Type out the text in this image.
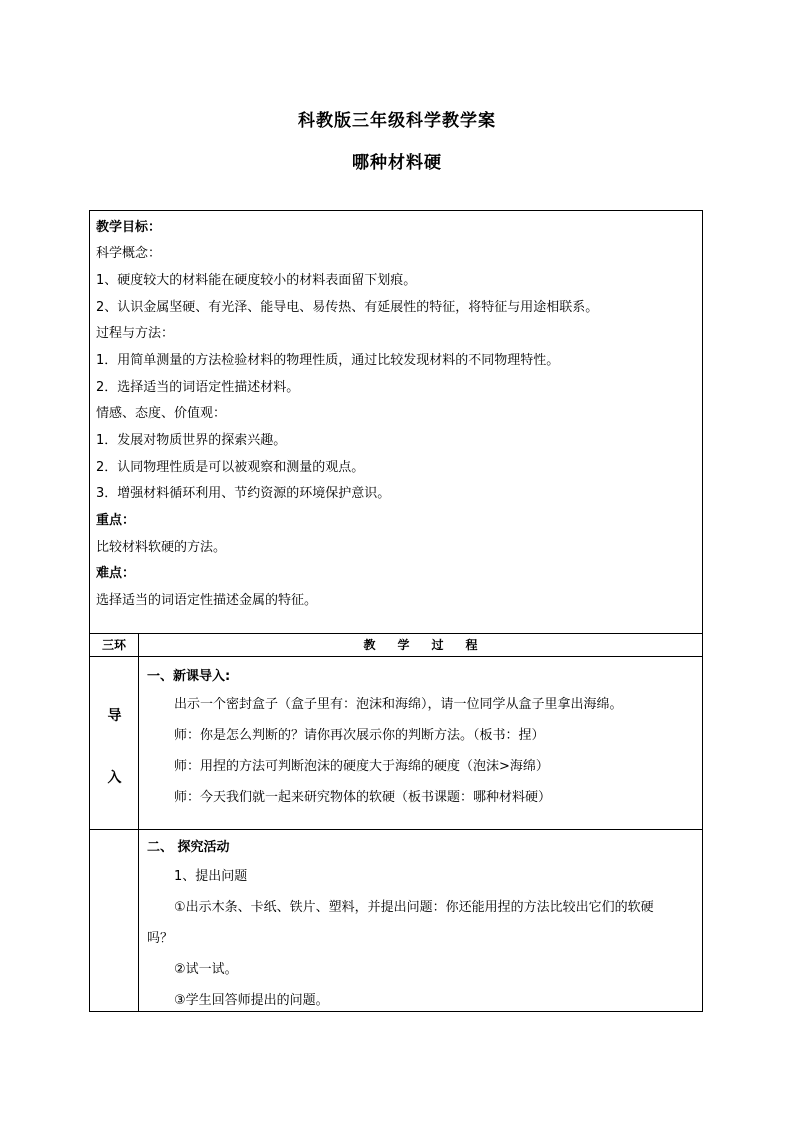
科教版三年级科学教学案
哪种材料硬
教学目标：
科学概念：
1、硬度较大的材料能在硬度较小的材料表面留下划痕。
2、认识金属坚硬、有光泽、能导电、易传热、有延展性的特征，将特征与用途相联系。
过程与方法：
1．用简单测量的方法检验材料的物理性质，通过比较发现材料的不同物理特性。
2．选择适当的词语定性描述材料。
情感、态度、价值观：
1．发展对物质世界的探索兴趣。
2．认同物理性质是可以被观察和测量的观点。
3．增强材料循环利用、节约资源的环境保护意识。
重点：
比较材料软硬的方法。
难点：
选择适当的词语定性描述金属的特征。
三环	教学过程
导
入
一、新课导入:
出示一个密封盒子（盒子里有：泡沫和海绵），请一位同学从盒子里拿出海绵。
师：你是怎么判断的？请你再次展示你的判断方法。（板书：捏）
师：用捏的方法可判断泡沫的硬度大于海绵的硬度（泡沫>海绵）
师：今天我们就一起来研究物体的软硬（板书课题：哪种材料硬）
二、 探究活动
1、提出问题
①出示木条、卡纸、铁片、塑料，并提出问题：你还能用捏的方法比较出它们的软硬
吗？
②试一试。
③学生回答师提出的问题。
